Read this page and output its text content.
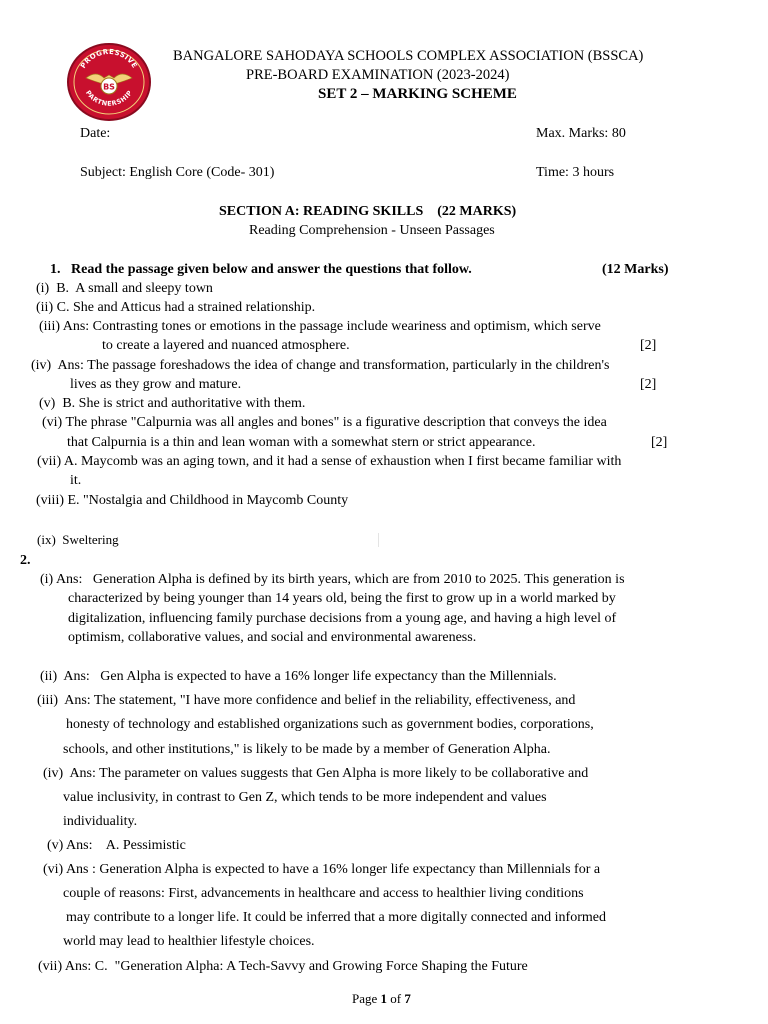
PROGRESSIVE
PARTNERSHIP
BS
BANGALORE SAHODAYA SCHOOLS COMPLEX ASSOCIATION (BSSCA)
PRE-BOARD EXAMINATION (2023-2024)
SET 2 – MARKING SCHEME
Date:	Max. Marks: 80
Subject: English Core (Code- 301)	Time: 3 hours
SECTION A: READING SKILLS    (22 MARKS)
Reading Comprehension - Unseen Passages
1.   Read the passage given below and answer the questions that follow.	(12 Marks)
(i)  B.  A small and sleepy town
(ii) C. She and Atticus had a strained relationship.
(iii) Ans: Contrasting tones or emotions in the passage include weariness and optimism, which serve
to create a layered and nuanced atmosphere.	[2]
(iv)  Ans: The passage foreshadows the idea of change and transformation, particularly in the children's
lives as they grow and mature.	[2]
(v)  B. She is strict and authoritative with them.
(vi) The phrase "Calpurnia was all angles and bones" is a figurative description that conveys the idea
that Calpurnia is a thin and lean woman with a somewhat stern or strict appearance.	[2]
(vii) A. Maycomb was an aging town, and it had a sense of exhaustion when I first became familiar with
it.
(viii) E. "Nostalgia and Childhood in Maycomb County
(ix)  Sweltering
2.
(i) Ans:   Generation Alpha is defined by its birth years, which are from 2010 to 2025. This generation is
characterized by being younger than 14 years old, being the first to grow up in a world marked by
digitalization, influencing family purchase decisions from a young age, and having a high level of
optimism, collaborative values, and social and environmental awareness.
(ii)  Ans:   Gen Alpha is expected to have a 16% longer life expectancy than the Millennials.
(iii)  Ans: The statement, "I have more confidence and belief in the reliability, effectiveness, and
honesty of technology and established organizations such as government bodies, corporations,
schools, and other institutions," is likely to be made by a member of Generation Alpha.
(iv)  Ans: The parameter on values suggests that Gen Alpha is more likely to be collaborative and
value inclusivity, in contrast to Gen Z, which tends to be more independent and values
individuality.
(v) Ans:    A. Pessimistic
(vi) Ans : Generation Alpha is expected to have a 16% longer life expectancy than Millennials for a
couple of reasons: First, advancements in healthcare and access to healthier living conditions
may contribute to a longer life. It could be inferred that a more digitally connected and informed
world may lead to healthier lifestyle choices.
(vii) Ans: C.  "Generation Alpha: A Tech-Savvy and Growing Force Shaping the Future
Page 1 of 7
